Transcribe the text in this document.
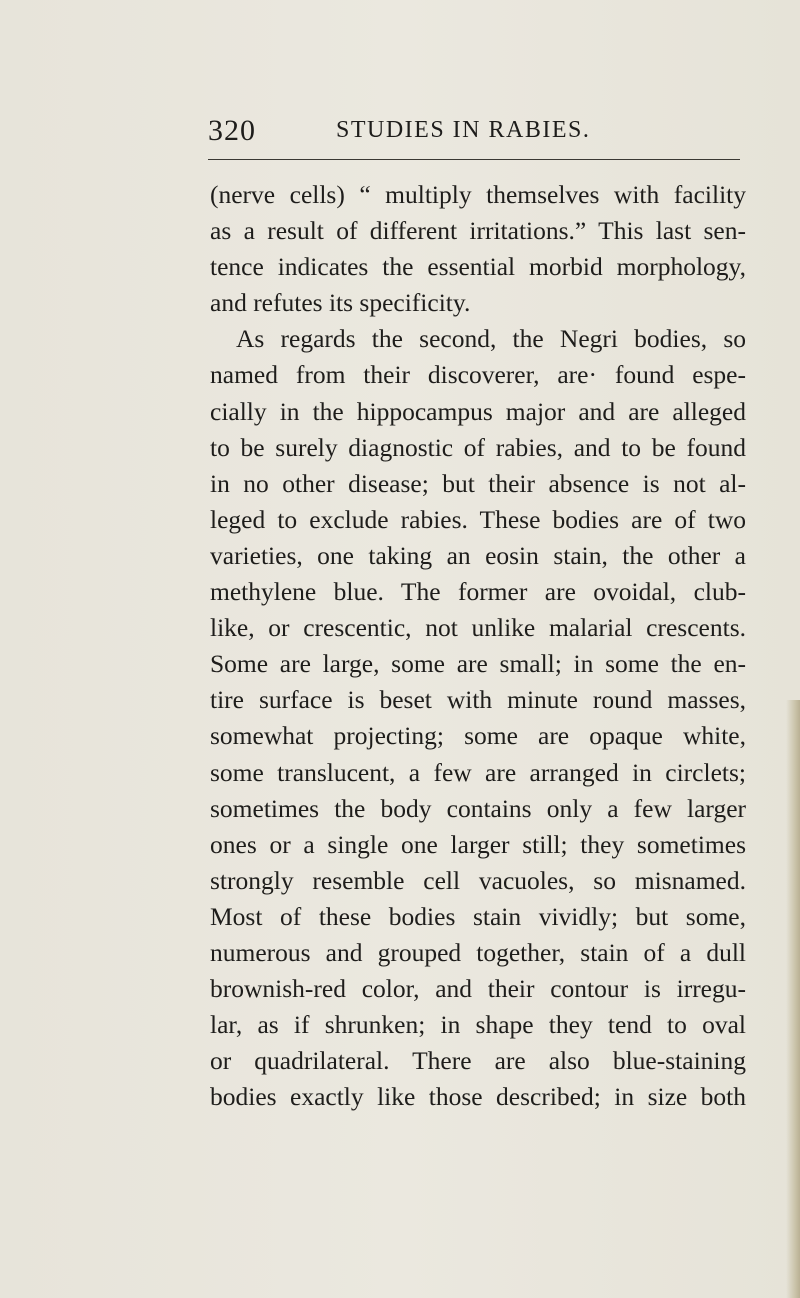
320	STUDIES IN RABIES.
(nerve cells) “ multiply themselves with facility
as a result of different irritations.” This last sen-
tence indicates the essential morbid morphology,
and refutes its specificity.
As regards the second, the Negri bodies, so
named from their discoverer, are· found espe-
cially in the hippocampus major and are alleged
to be surely diagnostic of rabies, and to be found
in no other disease; but their absence is not al-
leged to exclude rabies. These bodies are of two
varieties, one taking an eosin stain, the other a
methylene blue. The former are ovoidal, club-
like, or crescentic, not unlike malarial crescents.
Some are large, some are small; in some the en-
tire surface is beset with minute round masses,
somewhat projecting; some are opaque white,
some translucent, a few are arranged in circlets;
sometimes the body contains only a few larger
ones or a single one larger still; they sometimes
strongly resemble cell vacuoles, so misnamed.
Most of these bodies stain vividly; but some,
numerous and grouped together, stain of a dull
brownish-red color, and their contour is irregu-
lar, as if shrunken; in shape they tend to oval
or quadrilateral. There are also blue-staining
bodies exactly like those described; in size both
